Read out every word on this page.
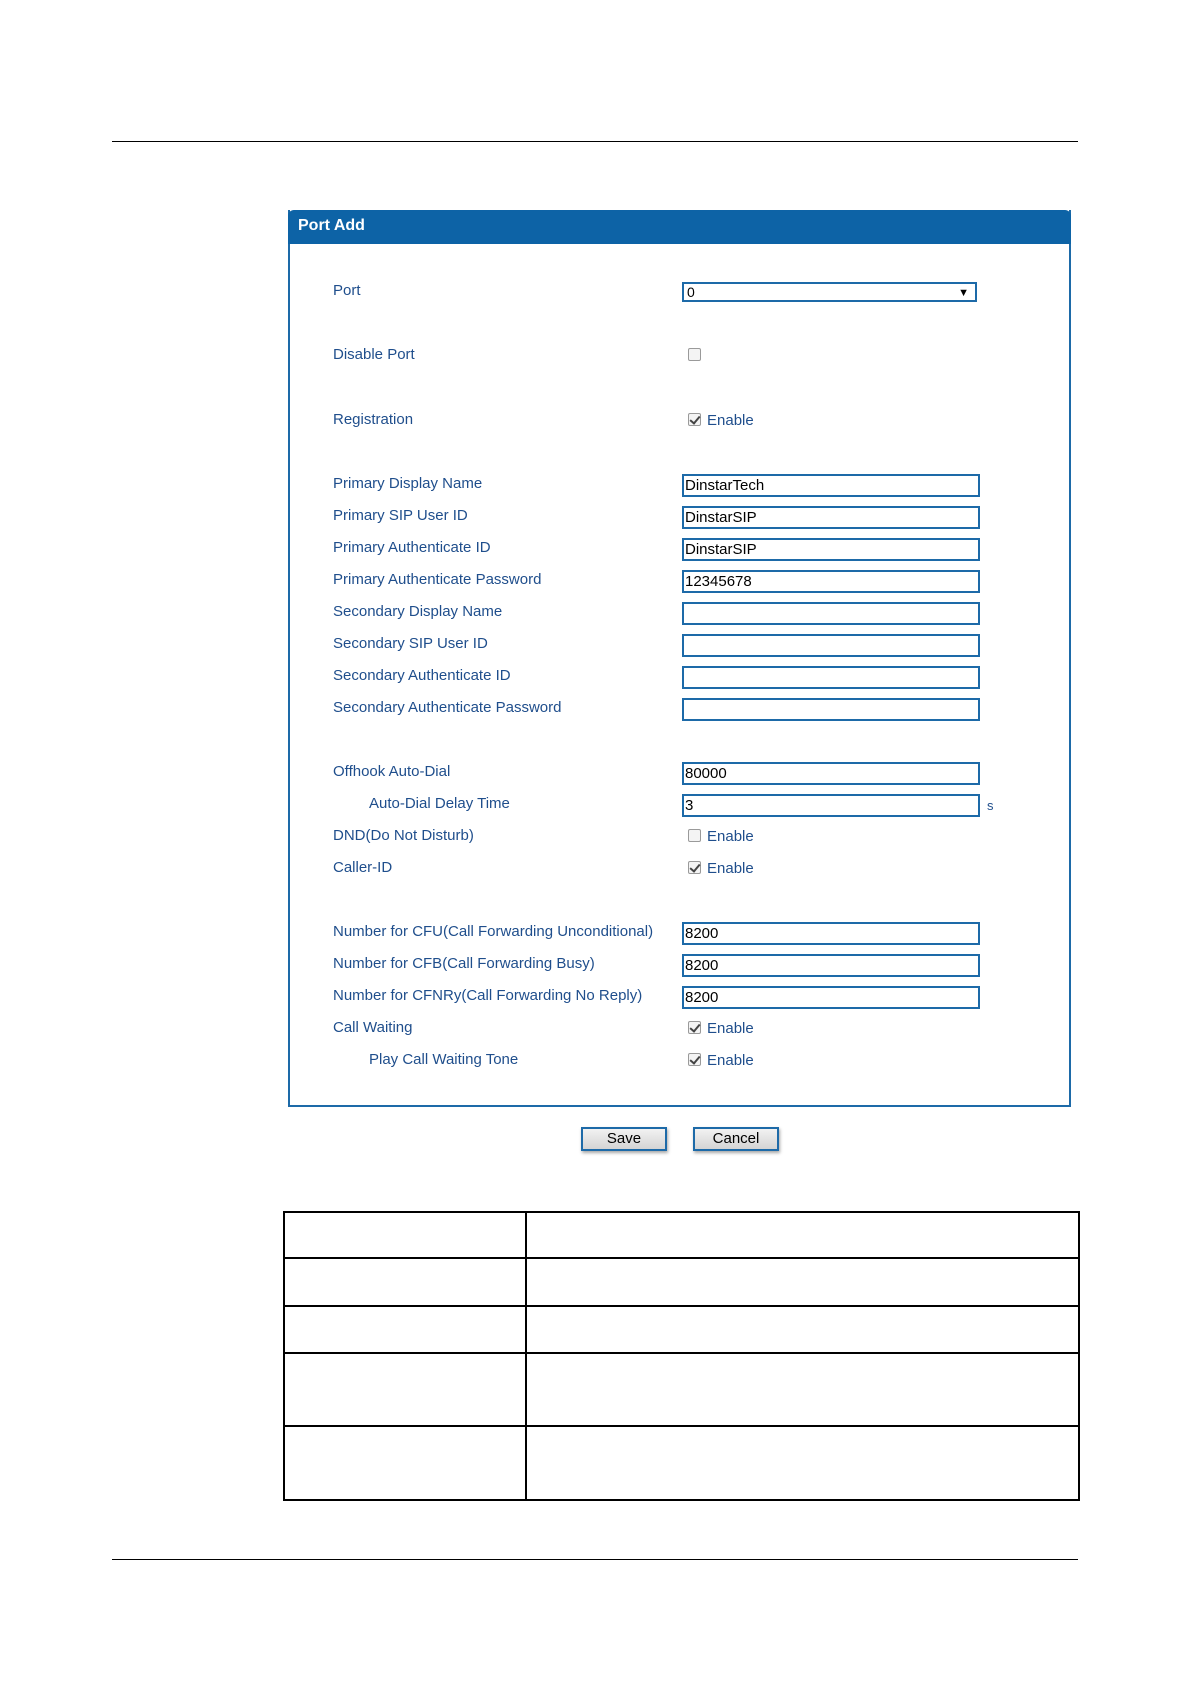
Port Add
Port	0	▼
Disable Port
Registration	Enable
Primary Display Name	DinstarTech
Primary SIP User ID	DinstarSIP
Primary Authenticate ID	DinstarSIP
Primary Authenticate Password	12345678
Secondary Display Name
Secondary SIP User ID
Secondary Authenticate ID
Secondary Authenticate Password
Offhook Auto-Dial	80000
Auto-Dial Delay Time	3	s
DND(Do Not Disturb)	Enable
Caller-ID	Enable
Number for CFU(Call Forwarding Unconditional) 8200
Number for CFB(Call Forwarding Busy)	8200
Number for CFNRy(Call Forwarding No Reply)	8200
Call Waiting	Enable
Play Call Waiting Tone	Enable
Save	Cancel
